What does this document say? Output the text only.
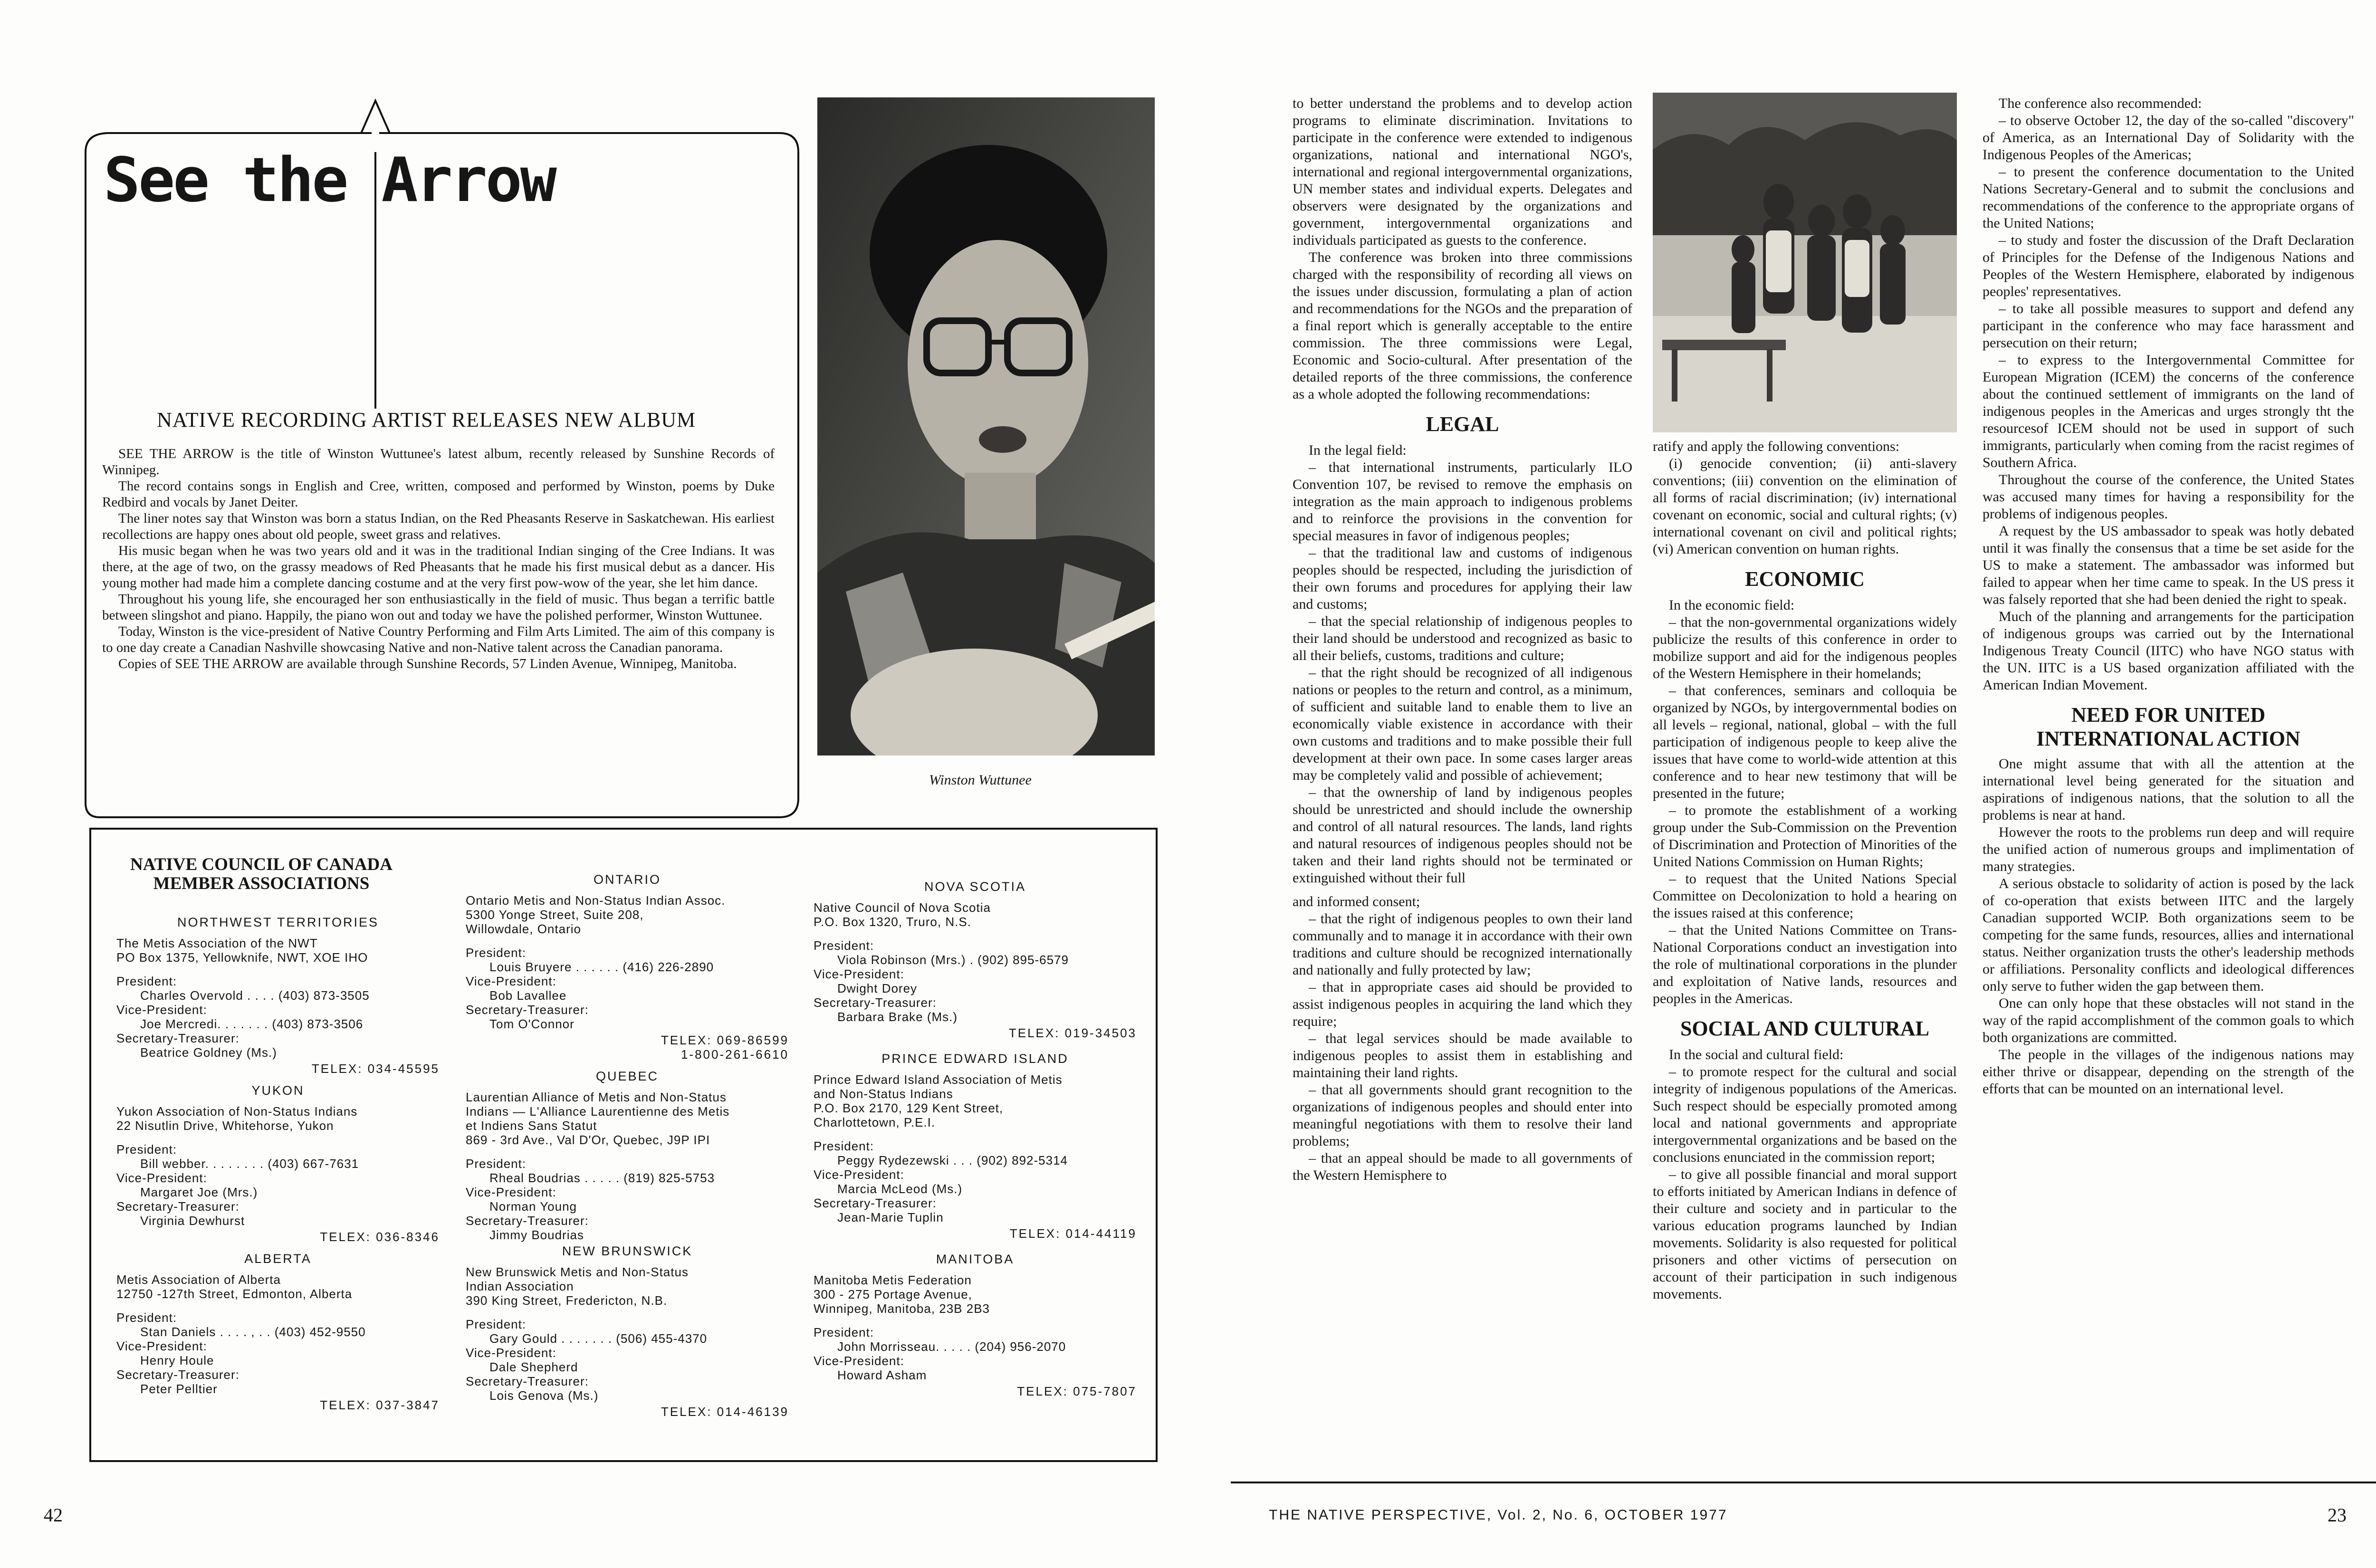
See the Arrow
NATIVE RECORDING ARTIST RELEASES NEW ALBUM

SEE THE ARROW is the title of Winston Wuttunee's latest album, recently released by Sunshine Records of Winnipeg.

The record contains songs in English and Cree, written, composed and performed by Winston, poems by Duke Redbird and vocals by Janet Deiter.

The liner notes say that Winston was born a status Indian, on the Red Pheasants Reserve in Saskatchewan. His earliest recollections are happy ones about old people, sweet grass and relatives.

His music began when he was two years old and it was in the traditional Indian singing of the Cree Indians. It was there, at the age of two, on the grassy meadows of Red Pheasants that he made his first musical debut as a dancer. His young mother had made him a complete dancing costume and at the very first pow-wow of the year, she let him dance.

Throughout his young life, she encouraged her son enthusiastically in the field of music. Thus began a terrific battle between slingshot and piano. Happily, the piano won out and today we have the polished performer, Winston Wuttunee.

Today, Winston is the vice-president of Native Country Performing and Film Arts Limited. The aim of this company is to one day create a Canadian Nashville showcasing Native and non-Native talent across the Canadian panorama.

Copies of SEE THE ARROW are available through Sunshine Records, 57 Linden Avenue, Winnipeg, Manitoba.

Winston Wuttunee
NATIVE COUNCIL OF CANADA
MEMBER ASSOCIATIONS
NORTHWEST TERRITORIES
The Metis Association of the NWT
PO Box 1375, Yellowknife, NWT, XOE IHO
President:
Charles Overvold . . . . (403) 873-3505
Vice-President:
Joe Mercredi. . . . . . . (403) 873-3506
Secretary-Treasurer:
Beatrice Goldney (Ms.)
TELEX: 034-45595
YUKON
Yukon Association of Non-Status Indians
22 Nisutlin Drive, Whitehorse, Yukon
President:
Bill webber. . . . . . . . (403) 667-7631
Vice-President:
Margaret Joe (Mrs.)
Secretary-Treasurer:
Virginia Dewhurst
TELEX: 036-8346
ALBERTA
Metis Association of Alberta
12750 -127th Street, Edmonton, Alberta
President:
Stan Daniels . . . . , . . (403) 452-9550
Vice-President:
Henry Houle
Secretary-Treasurer:
Peter Pelltier
TELEX: 037-3847
ONTARIO
Ontario Metis and Non-Status Indian Assoc.
5300 Yonge Street, Suite 208,
Willowdale, Ontario
President:
Louis Bruyere . . . . . . (416) 226-2890
Vice-President:
Bob Lavallee
Secretary-Treasurer:
Tom O'Connor
TELEX: 069-86599
1-800-261-6610
QUEBEC
Laurentian Alliance of Metis and Non-Status
Indians — L'Alliance Laurentienne des Metis
et Indiens Sans Statut
869 - 3rd Ave., Val D'Or, Quebec, J9P IPI
President:
Rheal Boudrias . . . . . (819) 825-5753
Vice-President:
Norman Young
Secretary-Treasurer:
Jimmy Boudrias
NEW BRUNSWICK
New Brunswick Metis and Non-Status
Indian Association
390 King Street, Fredericton, N.B.
President:
Gary Gould . . . . . . . (506) 455-4370
Vice-President:
Dale Shepherd
Secretary-Treasurer:
Lois Genova (Ms.)
TELEX: 014-46139
NOVA SCOTIA
Native Council of Nova Scotia
P.O. Box 1320, Truro, N.S.
President:
Viola Robinson (Mrs.) . (902) 895-6579
Vice-President:
Dwight Dorey
Secretary-Treasurer:
Barbara Brake (Ms.)
TELEX: 019-34503
PRINCE EDWARD ISLAND
Prince Edward Island Association of Metis
and Non-Status Indians
P.O. Box 2170, 129 Kent Street,
Charlottetown, P.E.I.
President:
Peggy Rydezewski . . . (902) 892-5314
Vice-President:
Marcia McLeod (Ms.)
Secretary-Treasurer:
Jean-Marie Tuplin
TELEX: 014-44119
MANITOBA
Manitoba Metis Federation
300 - 275 Portage Avenue,
Winnipeg, Manitoba, 23B 2B3
President:
John Morrisseau. . . . . (204) 956-2070
Vice-President:
Howard Asham
TELEX: 075-7807
42

to better understand the problems and to develop action programs to eliminate discrimination. Invitations to participate in the conference were extended to indigenous organizations, national and international NGO's, international and regional intergovernmental organizations, UN member states and individual experts. Delegates and observers were designated by the organizations and government, intergovernmental organizations and individuals participated as guests to the conference.

The conference was broken into three commissions charged with the responsibility of recording all views on the issues under discussion, formulating a plan of action and recommendations for the NGOs and the preparation of a final report which is generally acceptable to the entire commission. The three commissions were Legal, Economic and Socio-cultural. After presentation of the detailed reports of the three commissions, the conference as a whole adopted the following recommendations:

LEGAL

In the legal field:

– that international instruments, particularly ILO Convention 107, be revised to remove the emphasis on integration as the main approach to indigenous problems and to reinforce the provisions in the convention for special measures in favor of indigenous peoples;

– that the traditional law and customs of indigenous peoples should be respected, including the jurisdiction of their own forums and procedures for applying their law and customs;

– that the special relationship of indigenous peoples to their land should be understood and recognized as basic to all their beliefs, customs, traditions and culture;

– that the right should be recognized of all indigenous nations or peoples to the return and control, as a minimum, of sufficient and suitable land to enable them to live an economically viable existence in accordance with their own customs and traditions and to make possible their full development at their own pace. In some cases larger areas may be completely valid and possible of achievement;

– that the ownership of land by indigenous peoples should be unrestricted and should include the ownership and control of all natural resources. The lands, land rights and natural resources of indigenous peoples should not be taken and their land rights should not be terminated or extinguished without their full

and informed consent;

– that the right of indigenous peoples to own their land communally and to manage it in accordance with their own traditions and culture should be recognized internationally and nationally and fully protected by law;

– that in appropriate cases aid should be provided to assist indigenous peoples in acquiring the land which they require;

– that legal services should be made available to indigenous peoples to assist them in establishing and maintaining their land rights.

– that all governments should grant recognition to the organizations of indigenous peoples and should enter into meaningful negotiations with them to resolve their land problems;

– that an appeal should be made to all governments of the Western Hemisphere to

ratify and apply the following conventions:

(i) genocide convention; (ii) anti-slavery conventions; (iii) convention on the elimination of all forms of racial discrimination; (iv) international covenant on economic, social and cultural rights; (v) international covenant on civil and political rights; (vi) American convention on human rights.

ECONOMIC

In the economic field:

– that the non-governmental organizations widely publicize the results of this conference in order to mobilize support and aid for the indigenous peoples of the Western Hemisphere in their homelands;

– that conferences, seminars and colloquia be organized by NGOs, by intergovernmental bodies on all levels – regional, national, global – with the full participation of indigenous people to keep alive the issues that have come to world-wide attention at this conference and to hear new testimony that will be presented in the future;

– to promote the establishment of a working group under the Sub-Commission on the Prevention of Discrimination and Protection of Minorities of the United Nations Commission on Human Rights;

– to request that the United Nations Special Committee on Decolonization to hold a hearing on the issues raised at this conference;

– that the United Nations Committee on Trans-National Corporations conduct an investigation into the role of multinational corporations in the plunder and exploitation of Native lands, resources and peoples in the Americas.

SOCIAL AND CULTURAL

In the social and cultural field:

– to promote respect for the cultural and social integrity of indigenous populations of the Americas. Such respect should be especially promoted among local and national governments and appropriate intergovernmental organizations and be based on the conclusions enunciated in the commission report;

– to give all possible financial and moral support to efforts initiated by American Indians in defence of their culture and society and in particular to the various education programs launched by Indian movements. Solidarity is also requested for political prisoners and other victims of persecution on account of their participation in such indigenous movements.

The conference also recommended:

– to observe October 12, the day of the so-called "discovery" of America, as an International Day of Solidarity with the Indigenous Peoples of the Americas;

– to present the conference documentation to the United Nations Secretary-General and to submit the conclusions and recommendations of the conference to the appropriate organs of the United Nations;

– to study and foster the discussion of the Draft Declaration of Principles for the Defense of the Indigenous Nations and Peoples of the Western Hemisphere, elaborated by indigenous peoples' representatives.

– to take all possible measures to support and defend any participant in the conference who may face harassment and persecution on their return;

– to express to the Intergovernmental Committee for European Migration (ICEM) the concerns of the conference about the continued settlement of immigrants on the land of indigenous peoples in the Americas and urges strongly tht the resourcesof ICEM should not be used in support of such immigrants, particularly when coming from the racist regimes of Southern Africa.

Throughout the course of the conference, the United States was accused many times for having a responsibility for the problems of indigenous peoples.

A request by the US ambassador to speak was hotly debated until it was finally the consensus that a time be set aside for the US to make a statement. The ambassador was informed but failed to appear when her time came to speak. In the US press it was falsely reported that she had been denied the right to speak.

Much of the planning and arrangements for the participation of indigenous groups was carried out by the International Indigenous Treaty Council (IITC) who have NGO status with the UN. IITC is a US based organization affiliated with the American Indian Movement.

NEED FOR UNITED
INTERNATIONAL ACTION

One might assume that with all the attention at the international level being generated for the situation and aspirations of indigenous nations, that the solution to all the problems is near at hand.

However the roots to the problems run deep and will require the unified action of numerous groups and implimentation of many strategies.

A serious obstacle to solidarity of action is posed by the lack of co-operation that exists between IITC and the largely Canadian supported WCIP. Both organizations seem to be competing for the same funds, resources, allies and international status. Neither organization trusts the other's leadership methods or affiliations. Personality conflicts and ideological differences only serve to futher widen the gap between them.

One can only hope that these obstacles will not stand in the way of the rapid accomplishment of the common goals to which both organizations are committed.

The people in the villages of the indigenous nations may either thrive or disappear, depending on the strength of the efforts that can be mounted on an international level.

THE NATIVE PERSPECTIVE, Vol. 2, No. 6, OCTOBER 1977	23
